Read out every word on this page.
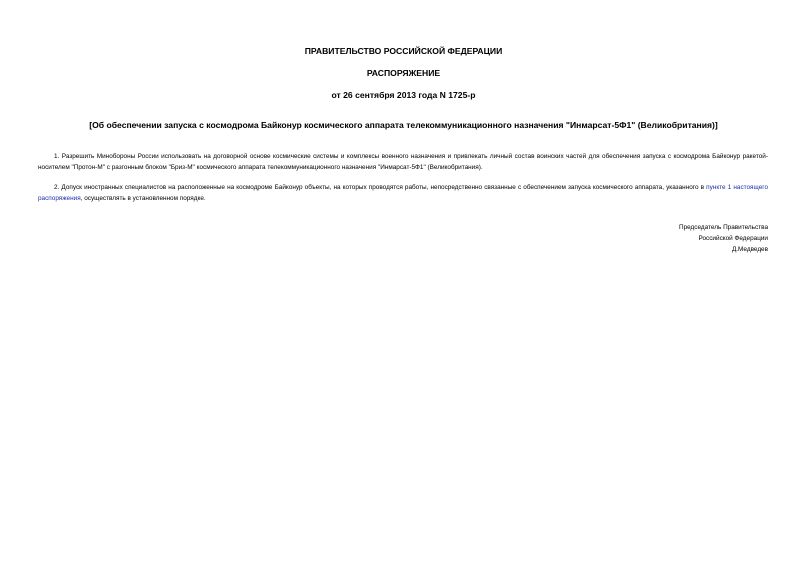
ПРАВИТЕЛЬСТВО РОССИЙСКОЙ ФЕДЕРАЦИИ

РАСПОРЯЖЕНИЕ

от 26 сентября 2013 года N 1725-р

[Об обеспечении запуска с космодрома Байконур космического аппарата телекоммуникационного назначения "Инмарсат-5Ф1" (Великобритания)]

1. Разрешить Минобороны России использовать на договорной основе космические системы и комплексы военного назначения и привлекать личный состав воинских частей для обеспечения запуска с космодрома Байконур ракетой-носителем "Протон-М" с разгонным блоком "Бриз-М" космического аппарата телекоммуникационного назначения "Инмарсат-5Ф1" (Великобритания).

2. Допуск иностранных специалистов на расположенные на космодроме Байконур объекты, на которых проводятся работы, непосредственно связанные с обеспечением запуска космического аппарата, указанного в пункте 1 настоящего распоряжения, осуществлять в установленном порядке.

Председатель Правительства
Российской Федерации
Д.Медведев
